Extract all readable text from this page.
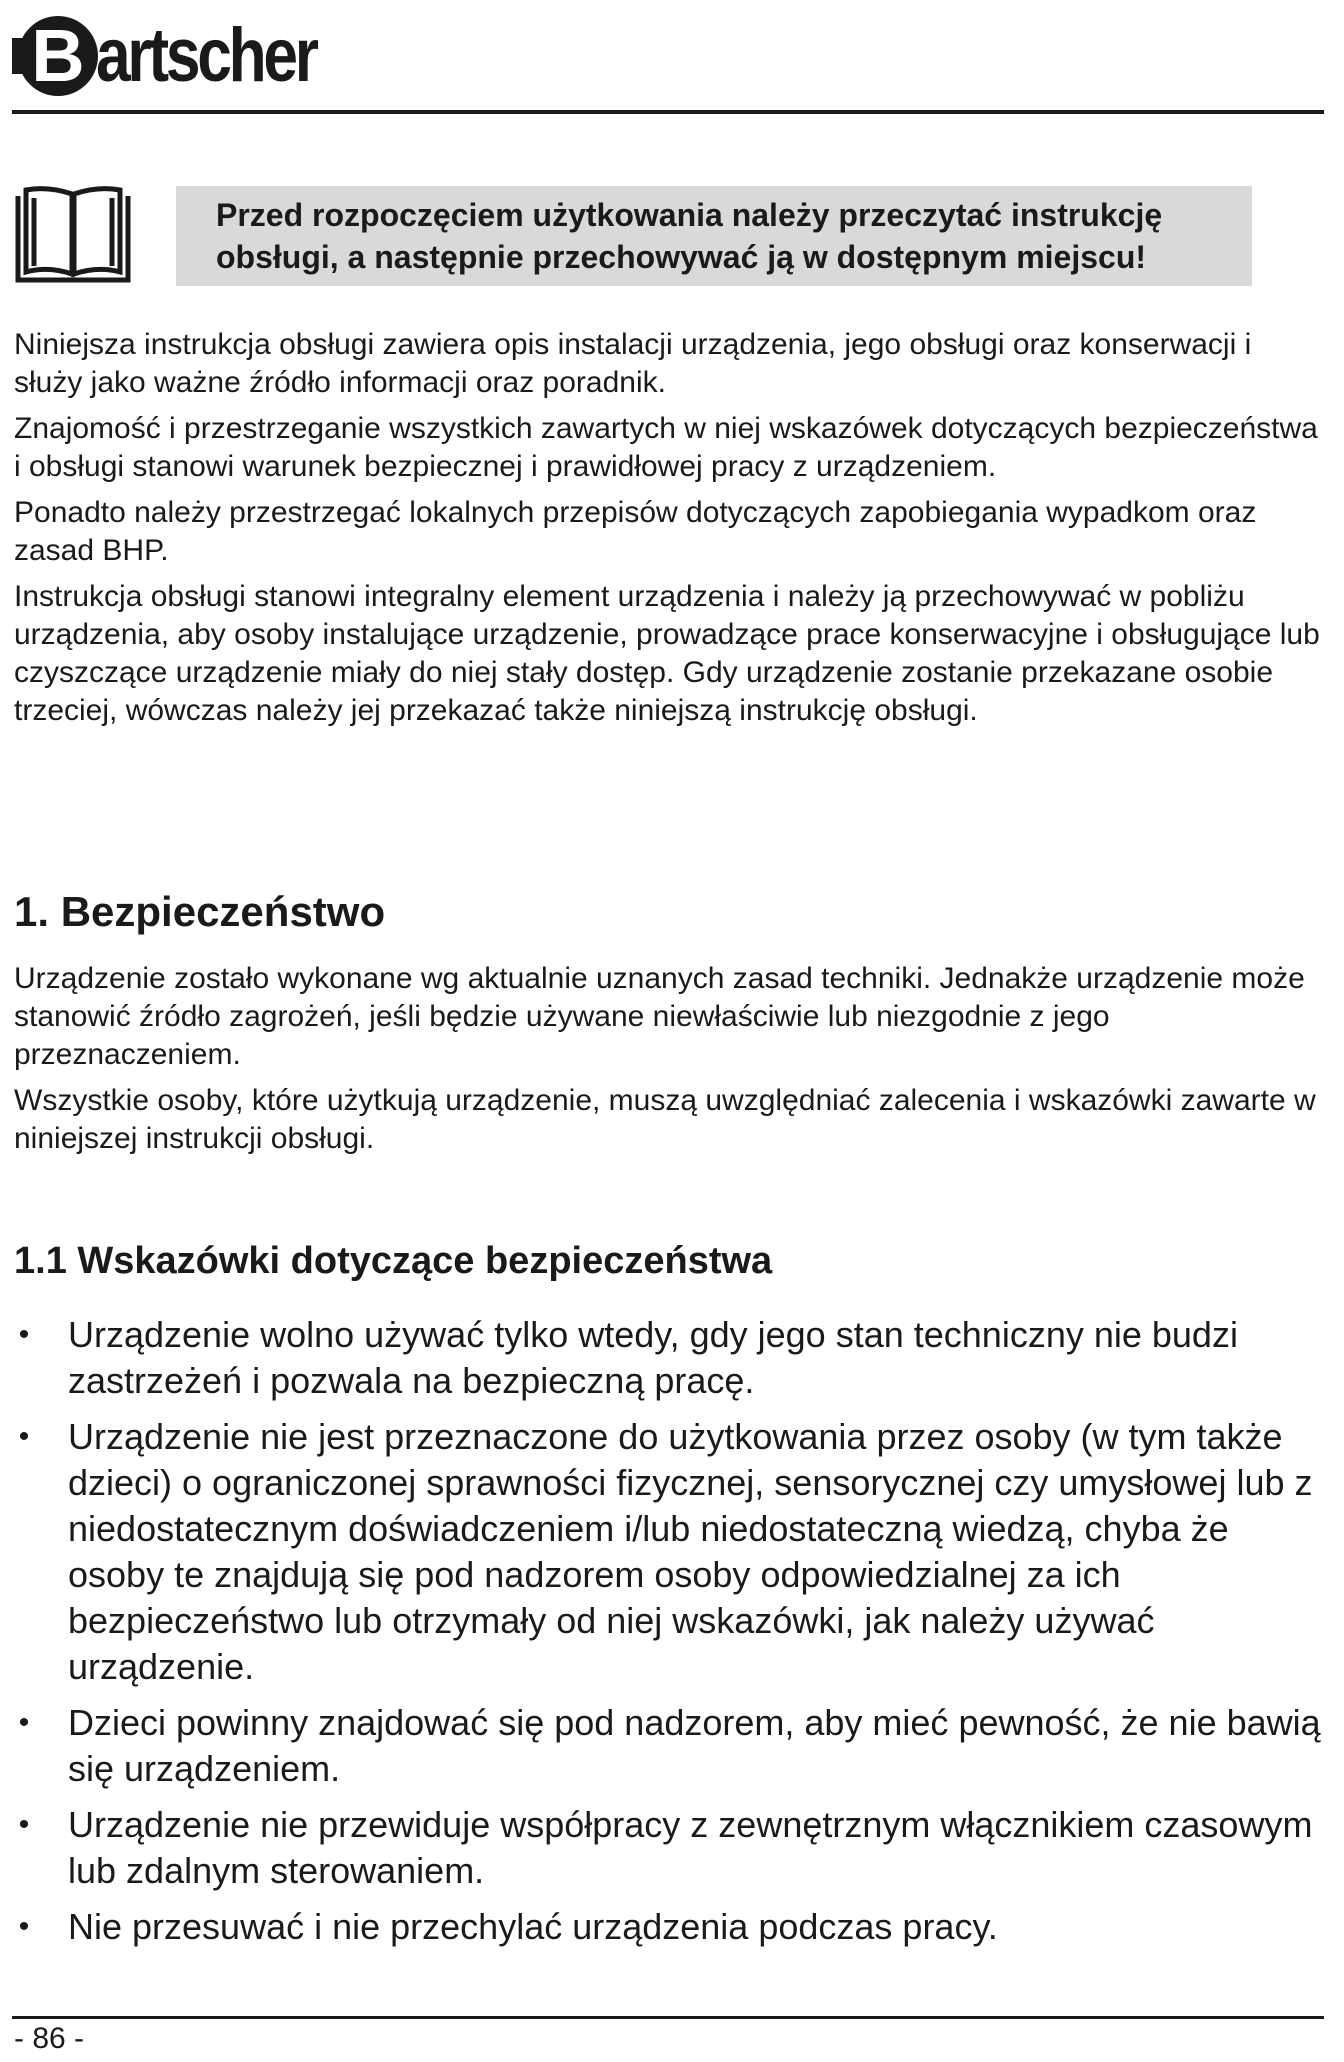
B artscher
Przed rozpoczęciem użytkowania należy przeczytać instrukcję
obsługi, a następnie przechowywać ją w dostępnym miejscu!

Niniejsza instrukcja obsługi zawiera opis instalacji urządzenia, jego obsługi oraz konserwacji i służy jako ważne źródło informacji oraz poradnik.

Znajomość i przestrzeganie wszystkich zawartych w niej wskazówek dotyczących bezpieczeństwa i obsługi stanowi warunek bezpiecznej i prawidłowej pracy z urządzeniem.

Ponadto należy przestrzegać lokalnych przepisów dotyczących zapobiegania wypadkom oraz zasad BHP.

Instrukcja obsługi stanowi integralny element urządzenia i należy ją przechowywać w pobliżu urządzenia, aby osoby instalujące urządzenie, prowadzące prace konserwacyjne i obsługujące lub czyszczące urządzenie miały do niej stały dostęp. Gdy urządzenie zostanie przekazane osobie trzeciej, wówczas należy jej przekazać także niniejszą instrukcję obsługi.

1. Bezpieczeństwo

Urządzenie zostało wykonane wg aktualnie uznanych zasad techniki. Jednakże urządzenie może stanowić źródło zagrożeń, jeśli będzie używane niewłaściwie lub niezgodnie z jego przeznaczeniem.

Wszystkie osoby, które użytkują urządzenie, muszą uwzględniać zalecenia i wskazówki zawarte w niniejszej instrukcji obsługi.

1.1 Wskazówki dotyczące bezpieczeństwa
• Urządzenie wolno używać tylko wtedy, gdy jego stan techniczny nie budzi zastrzeżeń i pozwala na bezpieczną pracę.
• Urządzenie nie jest przeznaczone do użytkowania przez osoby (w tym także dzieci) o ograniczonej sprawności fizycznej, sensorycznej czy umysłowej lub z niedostatecznym doświadczeniem i/lub niedostateczną wiedzą, chyba że osoby te znajdują się pod nadzorem osoby odpowiedzialnej za ich bezpieczeństwo lub otrzymały od niej wskazówki, jak należy używać urządzenie.
• Dzieci powinny znajdować się pod nadzorem, aby mieć pewność, że nie bawią się urządzeniem.
• Urządzenie nie przewiduje współpracy z zewnętrznym włącznikiem czasowym lub zdalnym sterowaniem.
• Nie przesuwać i nie przechylać urządzenia podczas pracy.
- 86 -
